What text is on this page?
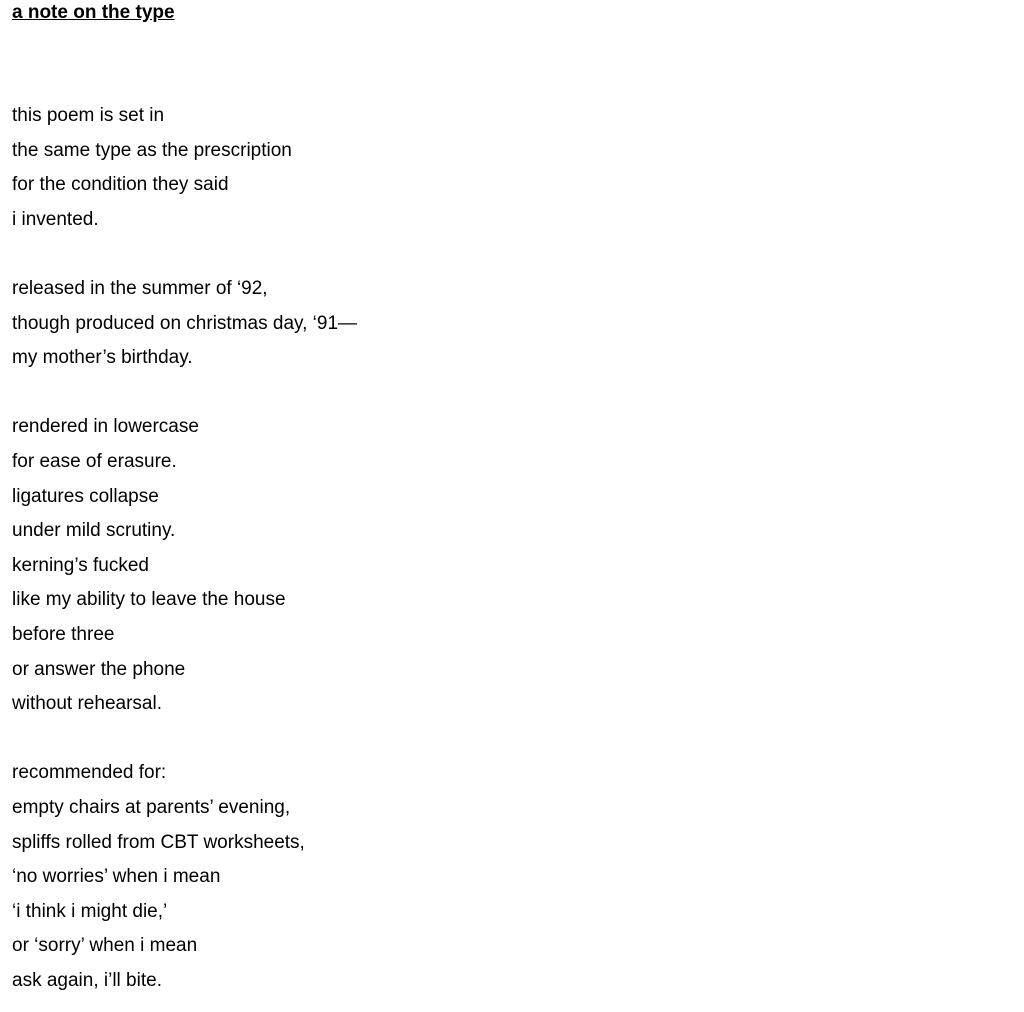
a note on the type

this poem is set in

the same type as the prescription

for the condition they said

i invented.

released in the summer of ‘92,

though produced on christmas day, ‘91—

my mother’s birthday.

rendered in lowercase

for ease of erasure.

ligatures collapse

under mild scrutiny.

kerning’s fucked

like my ability to leave the house

before three

or answer the phone

without rehearsal.

recommended for:

empty chairs at parents’ evening,

spliffs rolled from CBT worksheets,

‘no worries’ when i mean

‘i think i might die,’

or ‘sorry’ when i mean

ask again, i’ll bite.
